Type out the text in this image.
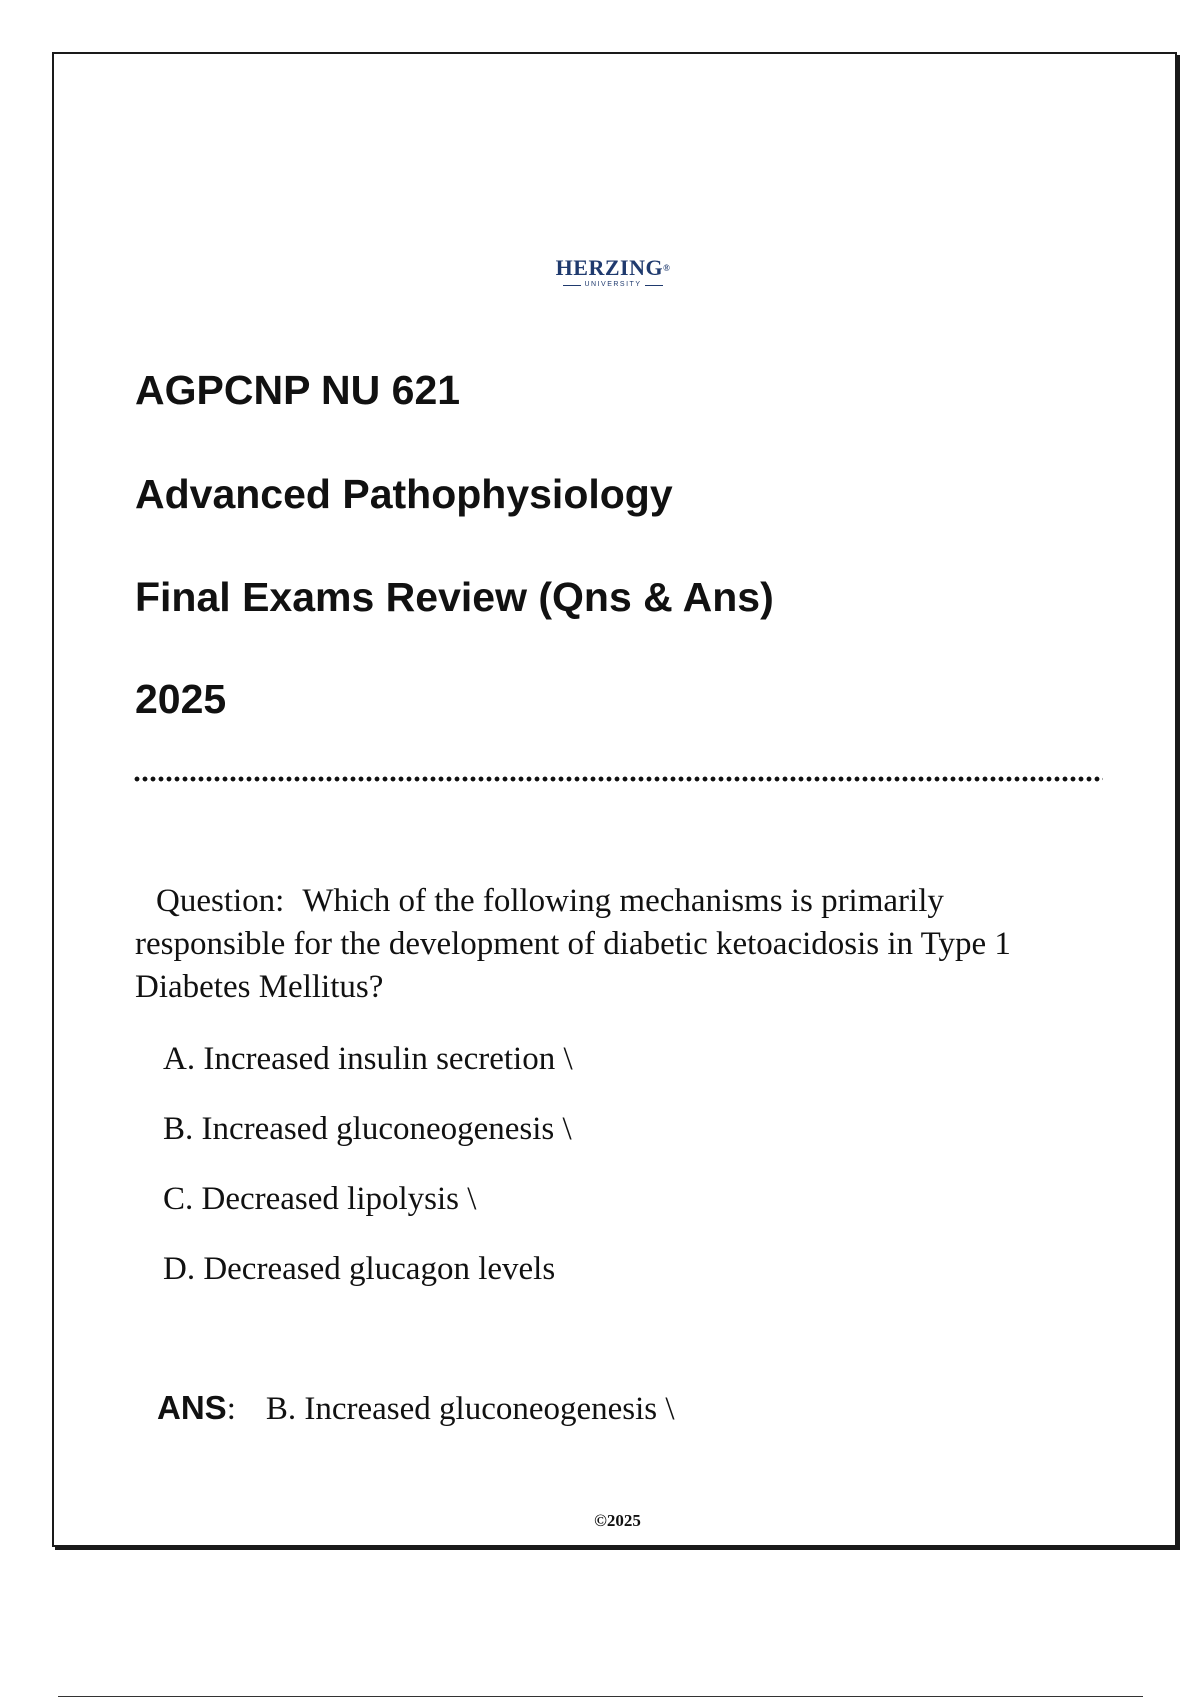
HERZING®
UNIVERSITY
AGPCNP NU 621
Advanced Pathophysiology
Final Exams Review (Qns & Ans)
2025
Question: Which of the following mechanisms is primarily responsible for the development of diabetic ketoacidosis in Type 1 Diabetes Mellitus?
A. Increased insulin secretion \
B. Increased gluconeogenesis \
C. Decreased lipolysis \
D. Decreased glucagon levels
ANS: B. Increased gluconeogenesis \
©2025
